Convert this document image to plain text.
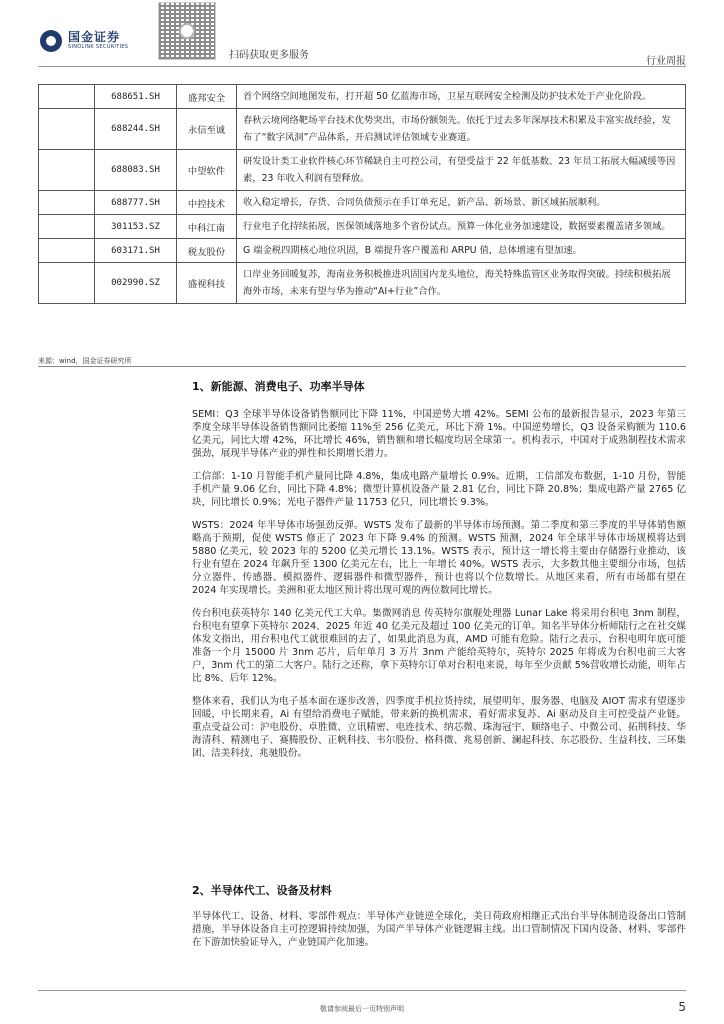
国金证券
SINOLINK SECURITIES
扫码获取更多服务
行业周报
	688651.SH	盛邦安全	首个网络空间地图发布，打开超 50 亿蓝海市场，卫星互联网安全检测及防护技术处于产业化阶段。
	688244.SH	永信至诚	春秋云境网络靶场平台技术优势突出，市场份额领先。依托于过去多年深厚技术积累及丰富实战经验，发布了“数字风洞”产品体系，开启测试评估领域专业赛道。
	688083.SH	中望软件	研发设计类工业软件核心环节稀缺自主可控公司，有望受益于 22 年低基数、23 年员工拓展大幅减缓等因素，23 年收入利润有望释放。
	688777.SH	中控技术	收入稳定增长，存货、合同负债预示在手订单充足，新产品、新场景、新区域拓展顺利。
	301153.SZ	中科江南	行业电子化持续拓展，医保领域落地多个省份试点。预算一体化业务加速建设，数据要素覆盖诸多领域。
	603171.SH	税友股份	G 端金税四期核心地位巩固，B 端提升客户覆盖和 ARPU 值，总体增速有望加速。
	002990.SZ	盛视科技	口岸业务回暖复苏，海南业务积极推进巩固国内龙头地位，海关特殊监管区业务取得突破。持续积极拓展海外市场，未来有望与华为推动“AI+行业”合作。
来源：wind，国金证券研究所
1、新能源、消费电子、功率半导体

SEMI：Q3 全球半导体设备销售额同比下降 11%，中国逆势大增 42%。SEMI 公布的最新报告显示，2023 年第三季度全球半导体设备销售额同比萎缩 11%至 256 亿美元，环比下滑 1%。中国逆势增长，Q3 设备采购额为 110.6 亿美元，同比大增 42%，环比增长 46%，销售额和增长幅度均居全球第一。机构表示，中国对于成熟制程技术需求强劲，展现半导体产业的弹性和长期增长潜力。

工信部：1-10 月智能手机产量同比降 4.8%，集成电路产量增长 0.9%。近期，工信部发布数据，1-10 月份，智能手机产量 9.06 亿台，同比下降 4.8%；微型计算机设备产量 2.81 亿台，同比下降 20.8%；集成电路产量 2765 亿块，同比增长 0.9%；光电子器件产量 11753 亿只，同比增长 9.3%。

WSTS：2024 年半导体市场强劲反弹。WSTS 发布了最新的半导体市场预测。第二季度和第三季度的半导体销售额略高于预期，促使 WSTS 修正了 2023 年下降 9.4% 的预测。WSTS 预测，2024 年全球半导体市场规模将达到 5880 亿美元，较 2023 年的 5200 亿美元增长 13.1%。WSTS 表示，预计这一增长将主要由存储器行业推动，该行业有望在 2024 年飙升至 1300 亿美元左右，比上一年增长 40%。WSTS 表示，大多数其他主要细分市场，包括分立器件、传感器、模拟器件、逻辑器件和微型器件，预计也将以个位数增长。从地区来看，所有市场都有望在 2024 年实现增长。美洲和亚太地区预计将出现可观的两位数同比增长。

传台积电获英特尔 140 亿美元代工大单。集微网消息 传英特尔旗舰处理器 Lunar Lake 将采用台积电 3nm 制程，台积电有望拿下英特尔 2024、2025 年近 40 亿美元及超过 100 亿美元的订单。知名半导体分析师陆行之在社交媒体发文指出，用台积电代工就很难回的去了，如果此消息为真，AMD 可能有危险。陆行之表示，台积电明年底可能准备一个月 15000 片 3nm 芯片，后年单月 3 万片 3nm 产能给英特尔，英特尔 2025 年将成为台积电前三大客户，3nm 代工的第二大客户。陆行之还称，拿下英特尔订单对台积电来说，每年至少贡献 5%营收增长动能，明年占比 8%、后年 12%。

整体来看，我们认为电子基本面在逐步改善，四季度手机拉货持续，展望明年，服务器、电脑及 AIOT 需求有望逐步回暖，中长期来看，Ai 有望给消费电子赋能，带来新的换机需求，看好需求复苏、Ai 驱动及自主可控受益产业链。重点受益公司：沪电股份、卓胜微、立讯精密、电连技术、纳芯微、珠海冠宇、顺络电子、中微公司、拓荆科技、华海清科、精测电子、赛腾股份、正帆科技、韦尔股份、格科微、兆易创新、澜起科技、东芯股份、生益科技、三环集团、洁美科技、兆驰股份。

2、半导体代工、设备及材料

半导体代工、设备、材料、零部件观点：半导体产业链逆全球化，美日荷政府相继正式出台半导体制造设备出口管制措施，半导体设备自主可控逻辑持续加强，为国产半导体产业链逻辑主线。出口管制情况下国内设备、材料、零部件在下游加快验证导入，产业链国产化加速。

敬请参阅最后一页特别声明	5
